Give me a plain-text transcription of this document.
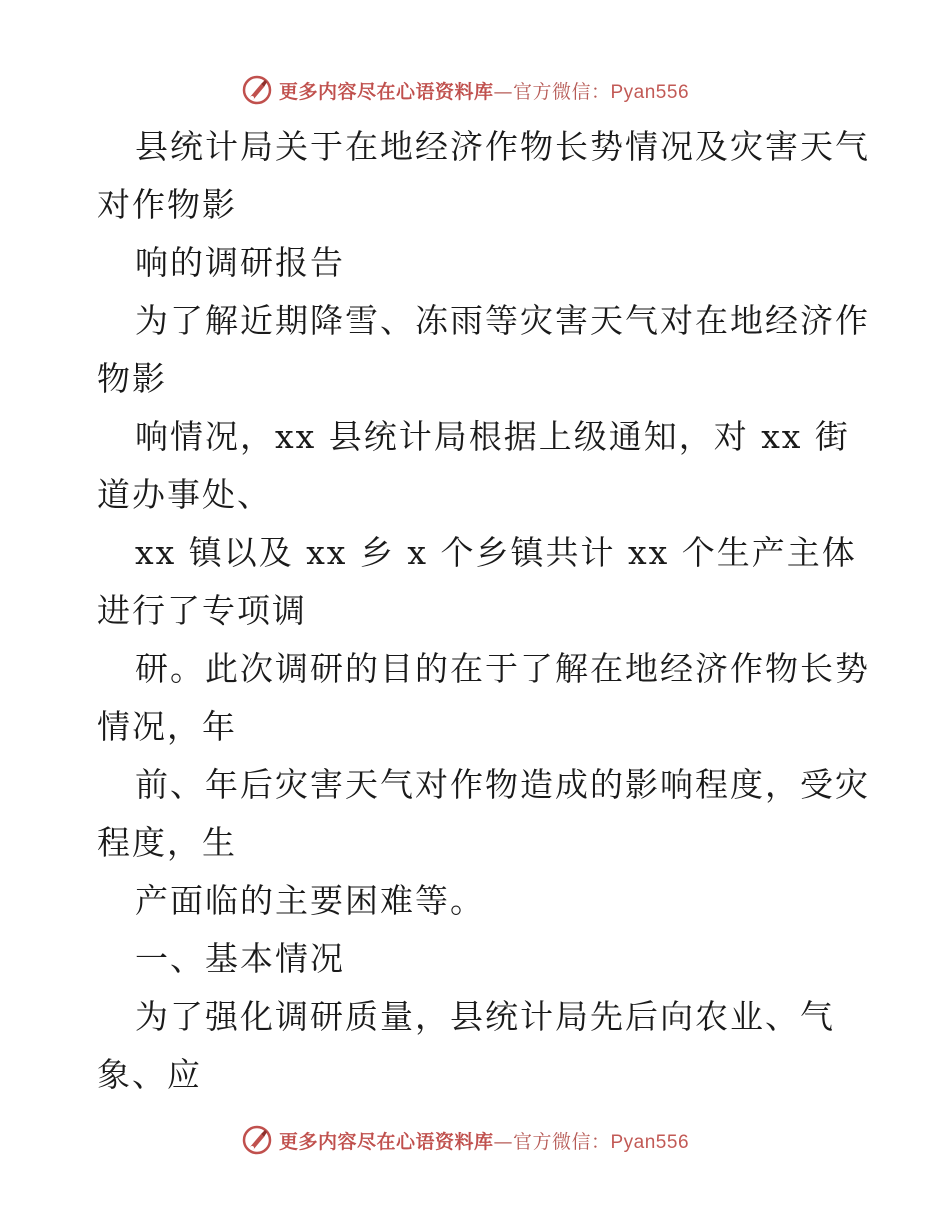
更多内容尽在心语资料库—官方微信：Pyan556
县统计局关于在地经济作物长势情况及灾害天气
对作物影
响的调研报告
为了解近期降雪、冻雨等灾害天气对在地经济作
物影
响情况，xx 县统计局根据上级通知，对 xx 街
道办事处、
xx 镇以及 xx 乡 x 个乡镇共计 xx 个生产主体
进行了专项调
研。此次调研的目的在于了解在地经济作物长势
情况，年
前、年后灾害天气对作物造成的影响程度，受灾
程度，生
产面临的主要困难等。
一、基本情况
为了强化调研质量，县统计局先后向农业、气
象、应
更多内容尽在心语资料库—官方微信：Pyan556
